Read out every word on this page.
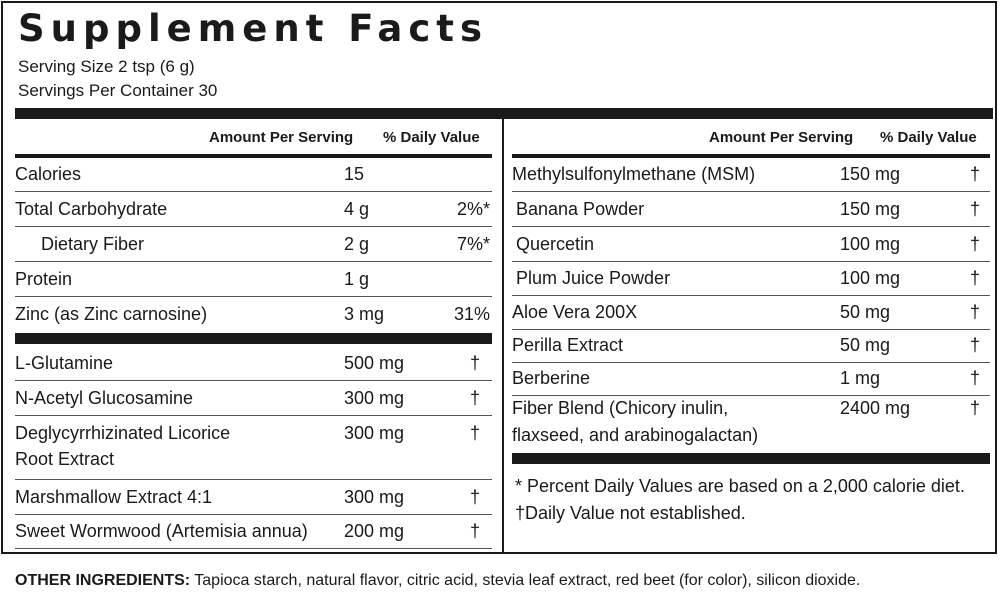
Supplement Facts
Serving Size 2 tsp (6 g)
Servings Per Container 30
Amount Per Serving % Daily Value	Amount Per Serving % Daily Value
Calories	15
Total Carbohydrate	4 g	2%*
Dietary Fiber	2 g	7%*
Protein	1 g
Zinc (as Zinc carnosine)	3 mg	31%
L-Glutamine	500 mg	†
N-Acetyl Glucosamine	300 mg	†
Deglycyrrhizinated Licorice
Root Extract
300 mg	†
Marshmallow Extract 4:1	300 mg	†
Sweet Wormwood (Artemisia annua) 200 mg	†
Methylsulfonylmethane (MSM)	150 mg	†
Banana Powder	150 mg	†
Quercetin	100 mg	†
Plum Juice Powder	100 mg	†
Aloe Vera 200X	50 mg	†
Perilla Extract	50 mg	†
Berberine	1 mg	†
Fiber Blend (Chicory inulin,
flaxseed, and arabinogalactan)
2400 mg	†
* Percent Daily Values are based on a 2,000 calorie diet.
†Daily Value not established.
OTHER INGREDIENTS: Tapioca starch, natural flavor, citric acid, stevia leaf extract, red beet (for color), silicon dioxide.
